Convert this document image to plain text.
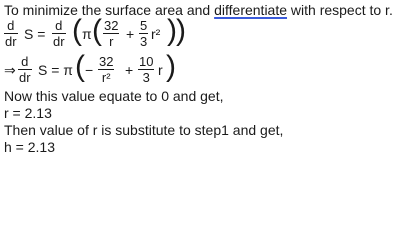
To minimize the surface area and differentiate with respect to r.
d
dr S =
d
dr ( π ( 32
r +
5
3 r² ) )
⇒
d
dr S = π ( −
32
r² +
10
3 r )
Now this value equate to 0 and get,
r = 2.13
Then value of r is substitute to step1 and get,
h = 2.13
